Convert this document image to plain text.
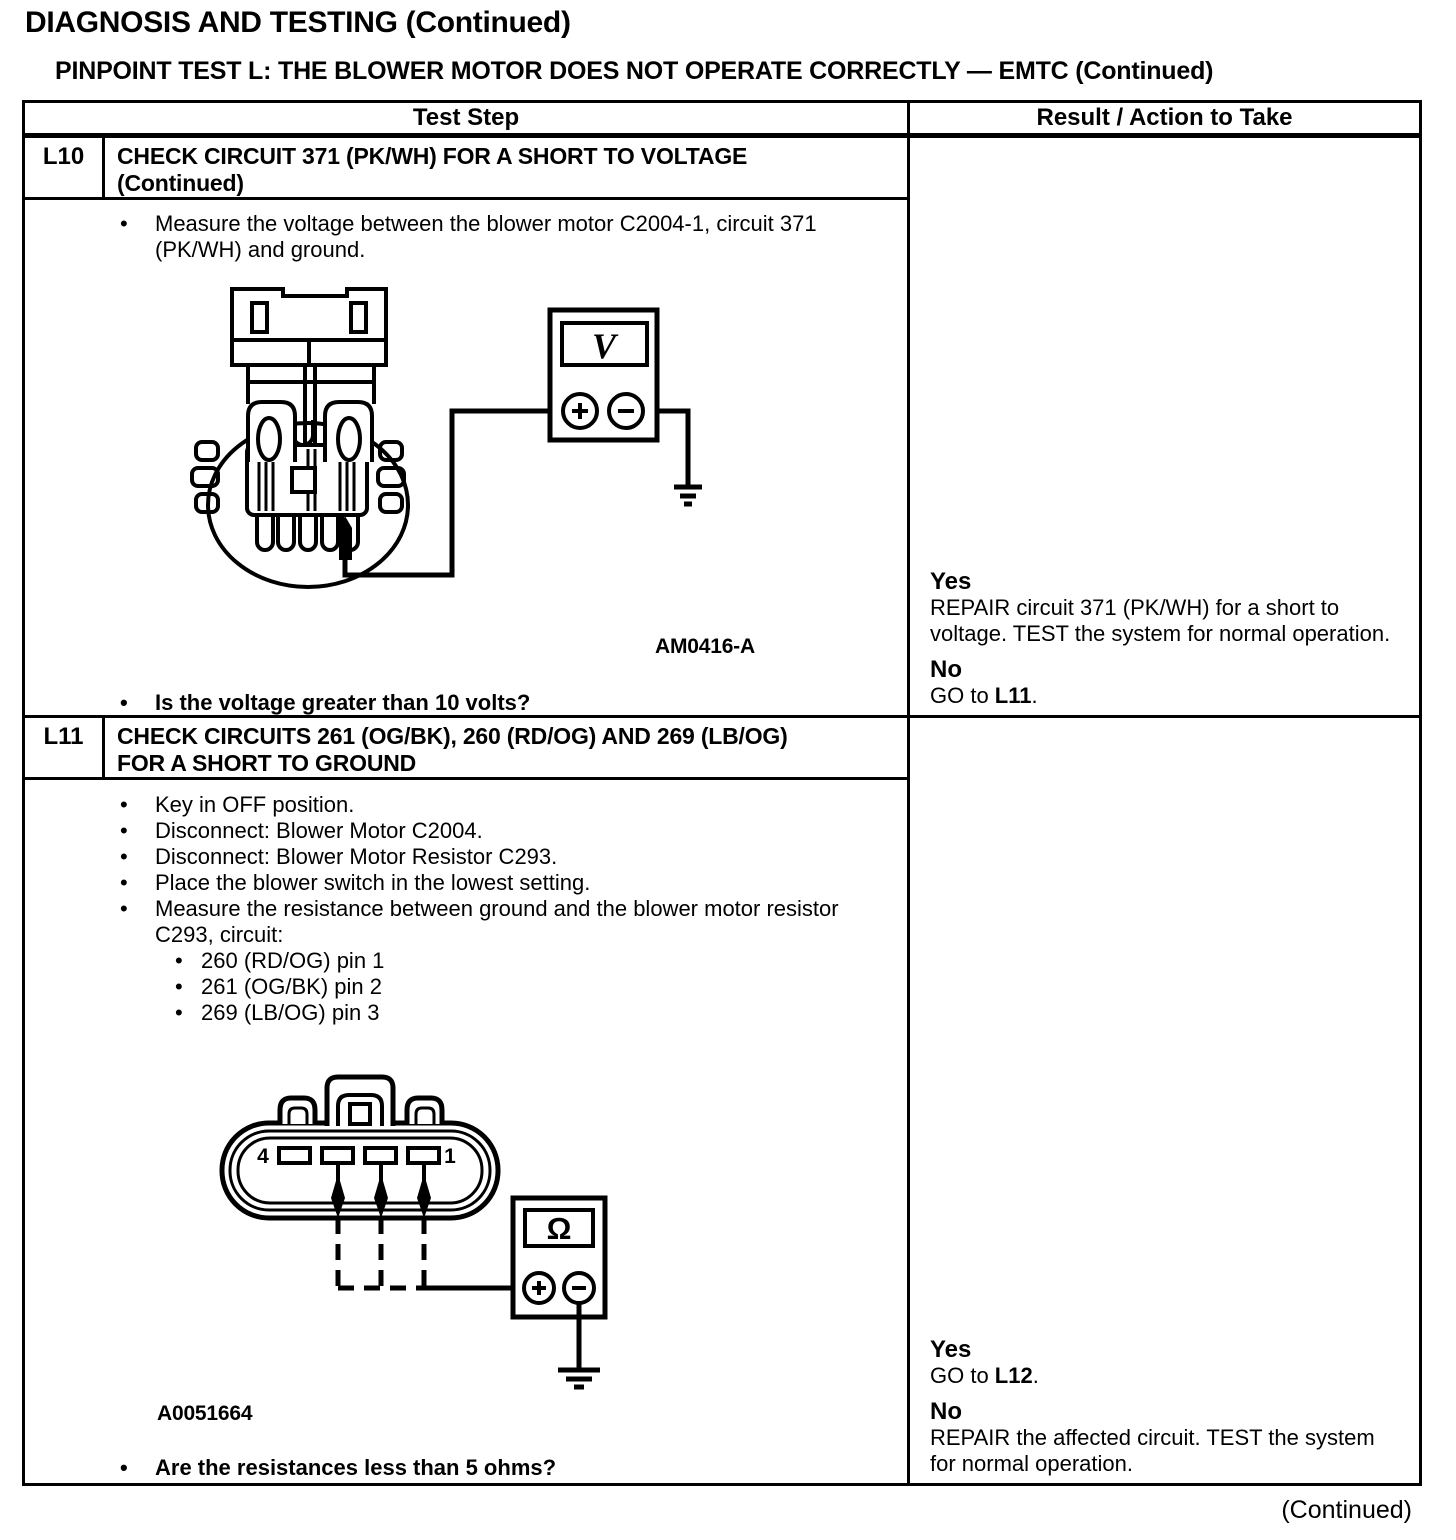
DIAGNOSIS AND TESTING (Continued)
PINPOINT TEST L: THE BLOWER MOTOR DOES NOT OPERATE CORRECTLY — EMTC (Continued)
Test Step	Result / Action to Take
L10	CHECK CIRCUIT 371 (PK/WH) FOR A SHORT TO VOLTAGE
(Continued)
•	Measure the voltage between the blower motor C2004-1, circuit 371 (PK/WH) and ground.
V
AM0416-A
•	Is the voltage greater than 10 volts?
Yes
REPAIR circuit 371 (PK/WH) for a short to voltage. TEST the system for normal operation.
No
GO to L11.
L11	CHECK CIRCUITS 261 (OG/BK), 260 (RD/OG) AND 269 (LB/OG)
FOR A SHORT TO GROUND
•	Key in OFF position.
•	Disconnect: Blower Motor C2004.
•	Disconnect: Blower Motor Resistor C293.
•	Place the blower switch in the lowest setting.
•	Measure the resistance between ground and the blower motor resistor C293, circuit:
• 260 (RD/OG) pin 1
• 261 (OG/BK) pin 2
• 269 (LB/OG) pin 3
4	1
Ω
A0051664
•	Are the resistances less than 5 ohms?
Yes
GO to L12.
No
REPAIR the affected circuit. TEST the system for normal operation.
(Continued)
